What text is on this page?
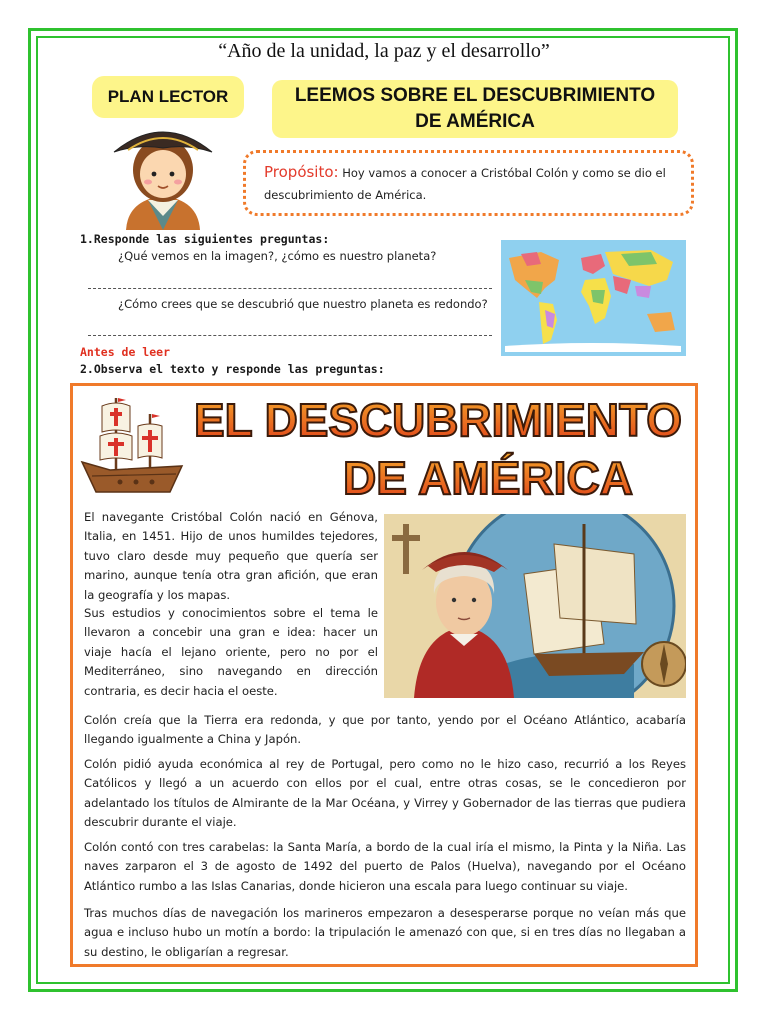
“Año de la unidad, la paz y el desarrollo”
PLAN LECTOR	LEEMOS SOBRE EL DESCUBRIMIENTO DE AMÉRICA
Propósito: Hoy vamos a conocer a Cristóbal Colón y como se dio el descubrimiento de América.
1.Responde las siguientes preguntas:
¿Qué vemos en la imagen?, ¿cómo es nuestro planeta?
¿Cómo crees que se descubrió que nuestro planeta es redondo?
Antes de leer
2.Observa el texto y responde las preguntas:
EL DESCUBRIMIENTO
DE AMÉRICA

El navegante Cristóbal Colón nació en Génova, Italia, en 1451. Hijo de unos humildes tejedores, tuvo claro desde muy pequeño que quería ser marino, aunque tenía otra gran afición, que eran la geografía y los mapas.

Sus estudios y conocimientos sobre el tema le llevaron a concebir una gran e idea: hacer un viaje hacía el lejano oriente, pero no por el Mediterráneo, sino navegando en dirección contraria, es decir hacia el oeste.

Colón creía que la Tierra era redonda, y que por tanto, yendo por el Océano Atlántico, acabaría llegando igualmente a China y Japón.

Colón pidió ayuda económica al rey de Portugal, pero como no le hizo caso, recurrió a los Reyes Católicos y llegó a un acuerdo con ellos por el cual, entre otras cosas, se le concedieron por adelantado los títulos de Almirante de la Mar Océana, y Virrey y Gobernador de las tierras que pudiera descubrir durante el viaje.

Colón contó con tres carabelas: la Santa María, a bordo de la cual iría el mismo, la Pinta y la Niña. Las naves zarparon el 3 de agosto de 1492 del puerto de Palos (Huelva), navegando por el Océano Atlántico rumbo a las Islas Canarias, donde hicieron una escala para luego continuar su viaje.

Tras muchos días de navegación los marineros empezaron a desesperarse porque no veían más que agua e incluso hubo un motín a bordo: la tripulación le amenazó con que, si en tres días no llegaban a su destino, le obligarían a regresar.
